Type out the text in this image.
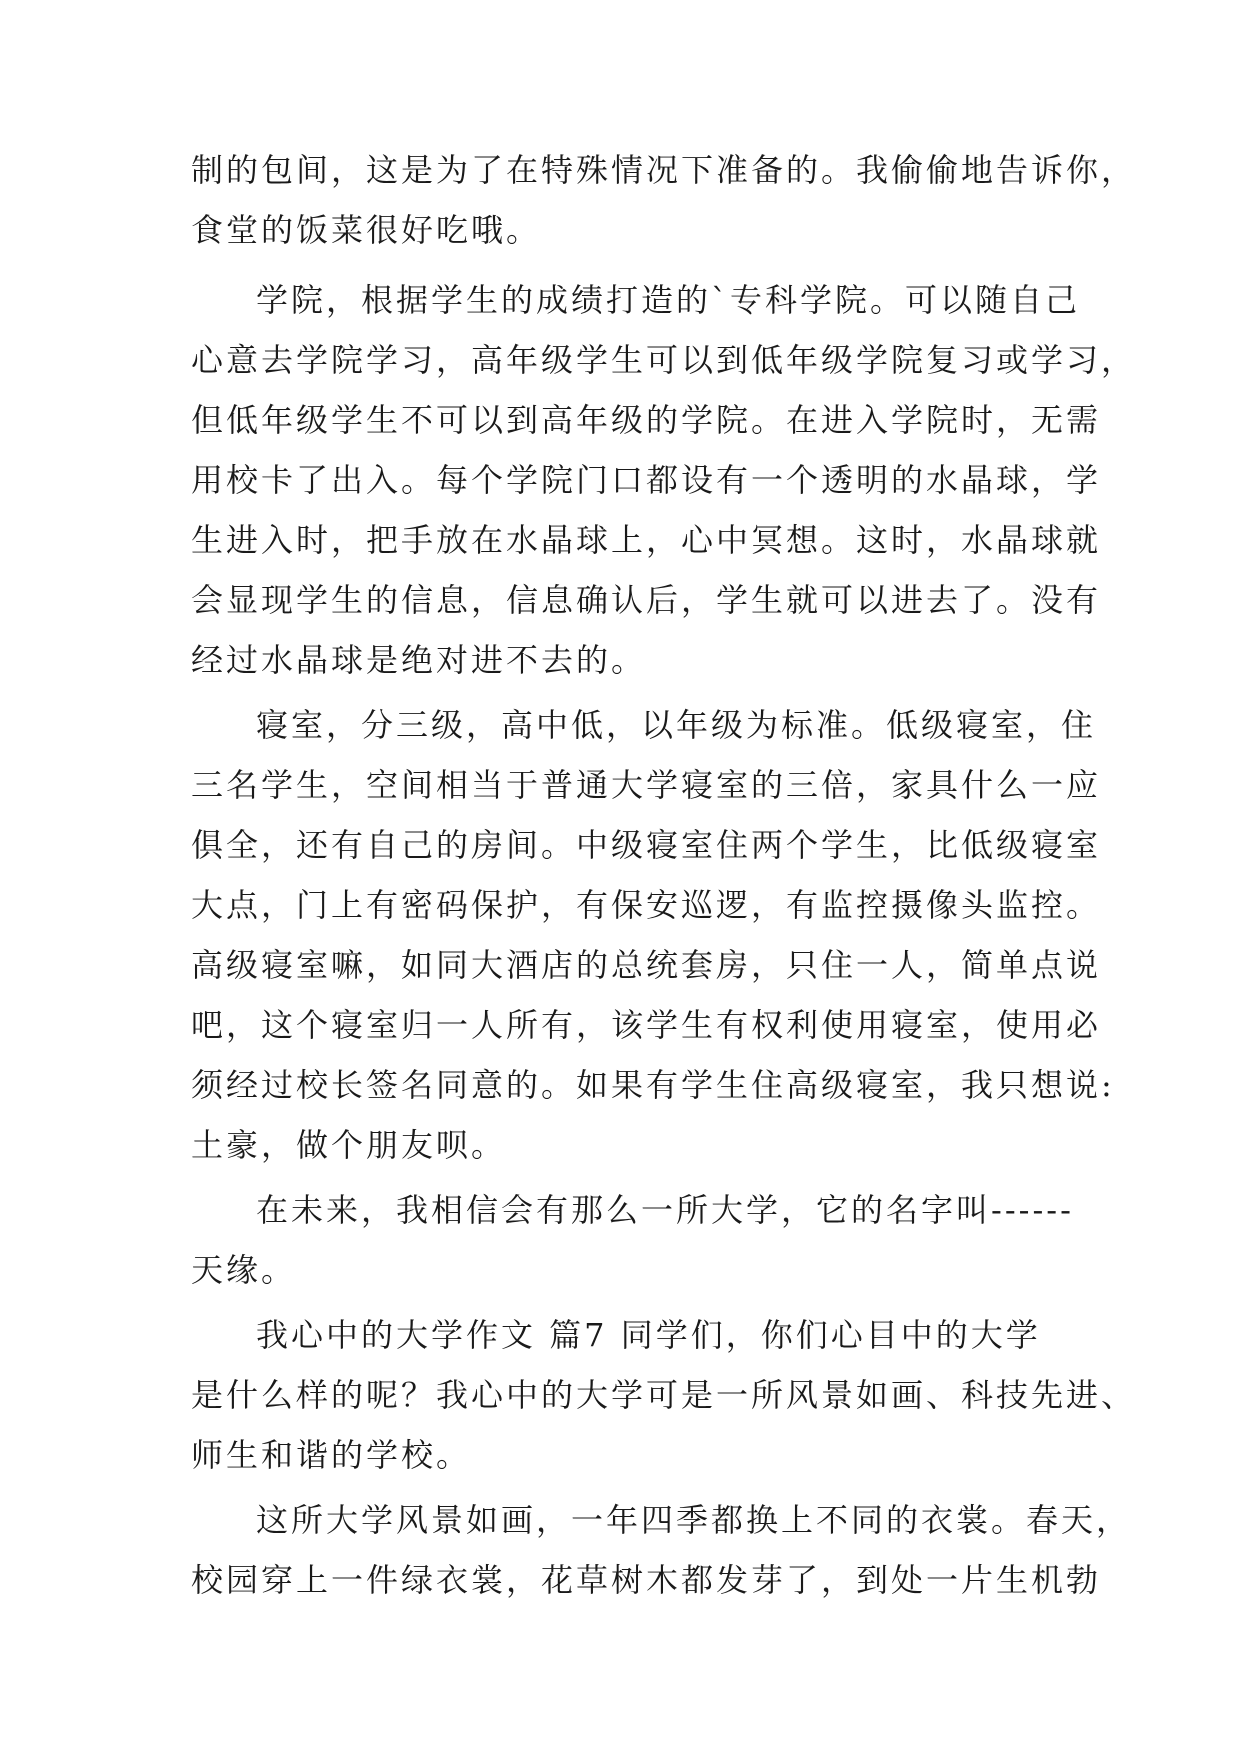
制的包间，这是为了在特殊情况下准备的。我偷偷地告诉你，
食堂的饭菜很好吃哦。
学院，根据学生的成绩打造的`专科学院。可以随自己
心意去学院学习，高年级学生可以到低年级学院复习或学习，
但低年级学生不可以到高年级的学院。在进入学院时，无需
用校卡了出入。每个学院门口都设有一个透明的水晶球，学
生进入时，把手放在水晶球上，心中冥想。这时，水晶球就
会显现学生的信息，信息确认后，学生就可以进去了。没有
经过水晶球是绝对进不去的。
寝室，分三级，高中低，以年级为标准。低级寝室，住
三名学生，空间相当于普通大学寝室的三倍，家具什么一应
俱全，还有自己的房间。中级寝室住两个学生，比低级寝室
大点，门上有密码保护，有保安巡逻，有监控摄像头监控。
高级寝室嘛，如同大酒店的总统套房，只住一人，简单点说
吧，这个寝室归一人所有，该学生有权利使用寝室，使用必
须经过校长签名同意的。如果有学生住高级寝室，我只想说:
土豪，做个朋友呗。
在未来，我相信会有那么一所大学，它的名字叫------
天缘。
我心中的大学作文 篇7 同学们，你们心目中的大学
是什么样的呢？我心中的大学可是一所风景如画、科技先进、
师生和谐的学校。
这所大学风景如画，一年四季都换上不同的衣裳。春天，
校园穿上一件绿衣裳，花草树木都发芽了，到处一片生机勃
